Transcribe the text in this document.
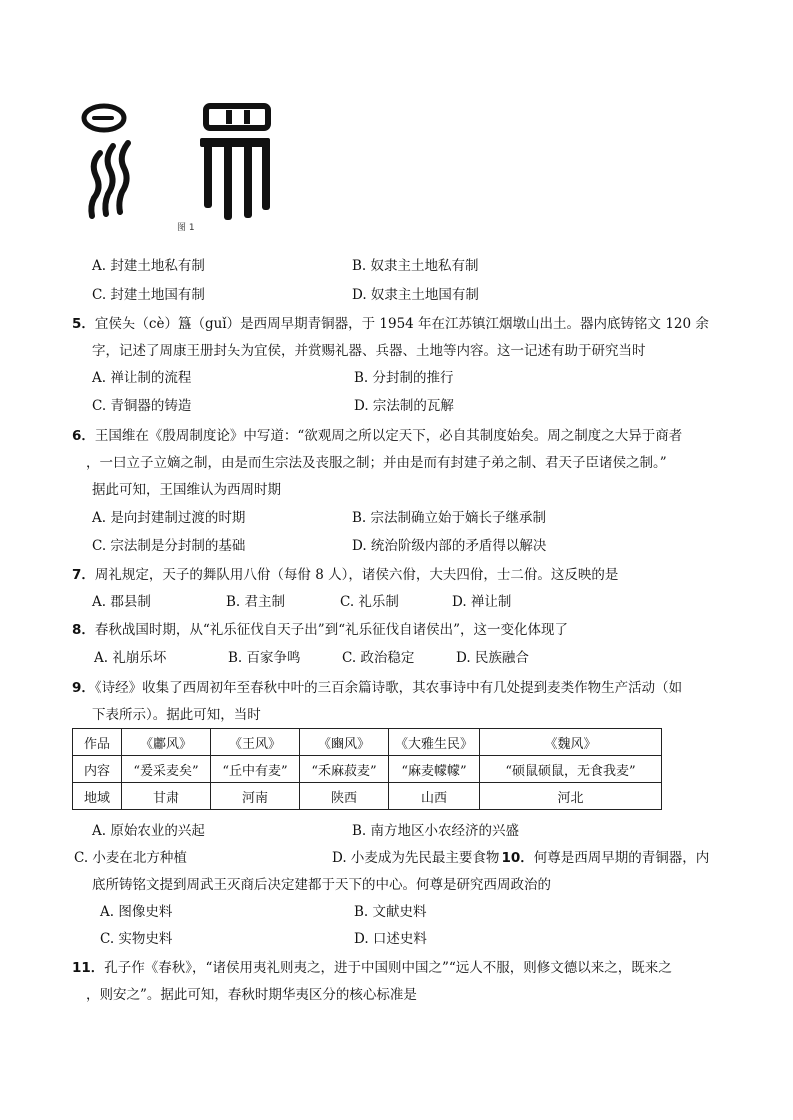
图 1
A. 封建土地私有制	B. 奴隶主土地私有制
C. 封建土地国有制	D. 奴隶主土地国有制
5．宜侯夨（cè）簋（guǐ）是西周早期青铜器，于 1954 年在江苏镇江烟墩山出土。器内底铸铭文 120 余
字，记述了周康王册封夨为宜侯，并赏赐礼器、兵器、土地等内容。这一记述有助于研究当时
A. 禅让制的流程	B. 分封制的推行
C. 青铜器的铸造	D. 宗法制的瓦解
6．王国维在《殷周制度论》中写道：“欲观周之所以定天下，必自其制度始矣。周之制度之大异于商者
，一曰立子立嫡之制，由是而生宗法及丧服之制；并由是而有封建子弟之制、君天子臣诸侯之制。”
据此可知，王国维认为西周时期
A. 是向封建制过渡的时期	B. 宗法制确立始于嫡长子继承制
C. 宗法制是分封制的基础	D. 统治阶级内部的矛盾得以解决
7．周礼规定，天子的舞队用八佾（每佾 8 人），诸侯六佾，大夫四佾，士二佾。这反映的是
A. 郡县制	B. 君主制	C. 礼乐制	D. 禅让制
8．春秋战国时期，从“礼乐征伐自天子出”到“礼乐征伐自诸侯出”，这一变化体现了
A. 礼崩乐坏	B. 百家争鸣	C. 政治稳定	D. 民族融合
9．《诗经》收集了西周初年至春秋中叶的三百余篇诗歌，其农事诗中有几处提到麦类作物生产活动（如
下表所示）。据此可知，当时
作品	《鄘风》	《王风》	《豳风》	《大雅生民》	《魏风》
内容	“爰采麦矣”	“丘中有麦”	“禾麻菽麦”	“麻麦幪幪”	“硕鼠硕鼠，无食我麦”
地域	甘肃	河南	陕西	山西	河北
A. 原始农业的兴起	B. 南方地区小农经济的兴盛
C. 小麦在北方种植	D. 小麦成为先民最主要食物 10．何尊是西周早期的青铜器，内
底所铸铭文提到周武王灭商后决定建都于天下的中心。何尊是研究西周政治的
A. 图像史料	B. 文献史料
C. 实物史料	D. 口述史料
11．孔子作《春秋》，“诸侯用夷礼则夷之，进于中国则中国之”“远人不服，则修文德以来之，既来之
，则安之”。据此可知，春秋时期华夷区分的核心标准是
